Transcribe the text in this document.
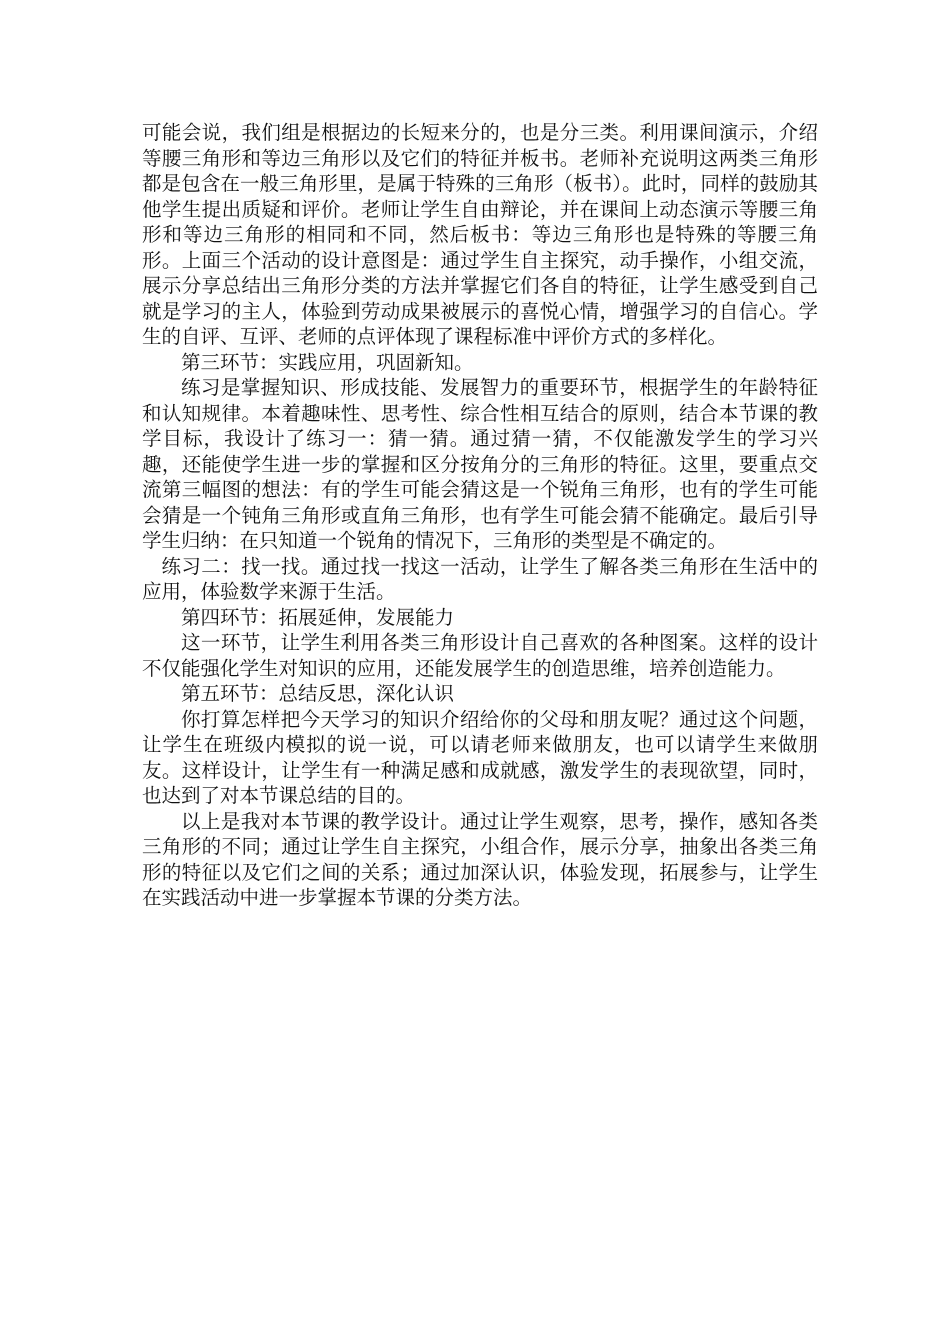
可能会说，我们组是根据边的长短来分的，也是分三类。利用课间演示，介绍等腰三角形和等边三角形以及它们的特征并板书。老师补充说明这两类三角形都是包含在一般三角形里，是属于特殊的三角形（板书）。此时，同样的鼓励其他学生提出质疑和评价。老师让学生自由辩论，并在课间上动态演示等腰三角形和等边三角形的相同和不同，然后板书：等边三角形也是特殊的等腰三角形。上面三个活动的设计意图是：通过学生自主探究，动手操作，小组交流，展示分享总结出三角形分类的方法并掌握它们各自的特征，让学生感受到自己就是学习的主人，体验到劳动成果被展示的喜悦心情，增强学习的自信心。学生的自评、互评、老师的点评体现了课程标准中评价方式的多样化。

第三环节：实践应用，巩固新知。

练习是掌握知识、形成技能、发展智力的重要环节，根据学生的年龄特征和认知规律。本着趣味性、思考性、综合性相互结合的原则，结合本节课的教学目标，我设计了练习一：猜一猜。通过猜一猜，不仅能激发学生的学习兴趣，还能使学生进一步的掌握和区分按角分的三角形的特征。这里，要重点交流第三幅图的想法：有的学生可能会猜这是一个锐角三角形，也有的学生可能会猜是一个钝角三角形或直角三角形，也有学生可能会猜不能确定。最后引导学生归纳：在只知道一个锐角的情况下，三角形的类型是不确定的。

练习二：找一找。通过找一找这一活动，让学生了解各类三角形在生活中的应用，体验数学来源于生活。

第四环节：拓展延伸，发展能力

这一环节，让学生利用各类三角形设计自己喜欢的各种图案。这样的设计不仅能强化学生对知识的应用，还能发展学生的创造思维，培养创造能力。

第五环节：总结反思，深化认识

你打算怎样把今天学习的知识介绍给你的父母和朋友呢？通过这个问题，让学生在班级内模拟的说一说，可以请老师来做朋友，也可以请学生来做朋友。这样设计，让学生有一种满足感和成就感，激发学生的表现欲望，同时，也达到了对本节课总结的目的。

以上是我对本节课的教学设计。通过让学生观察，思考，操作，感知各类三角形的不同；通过让学生自主探究，小组合作，展示分享，抽象出各类三角形的特征以及它们之间的关系；通过加深认识，体验发现，拓展参与，让学生在实践活动中进一步掌握本节课的分类方法。
